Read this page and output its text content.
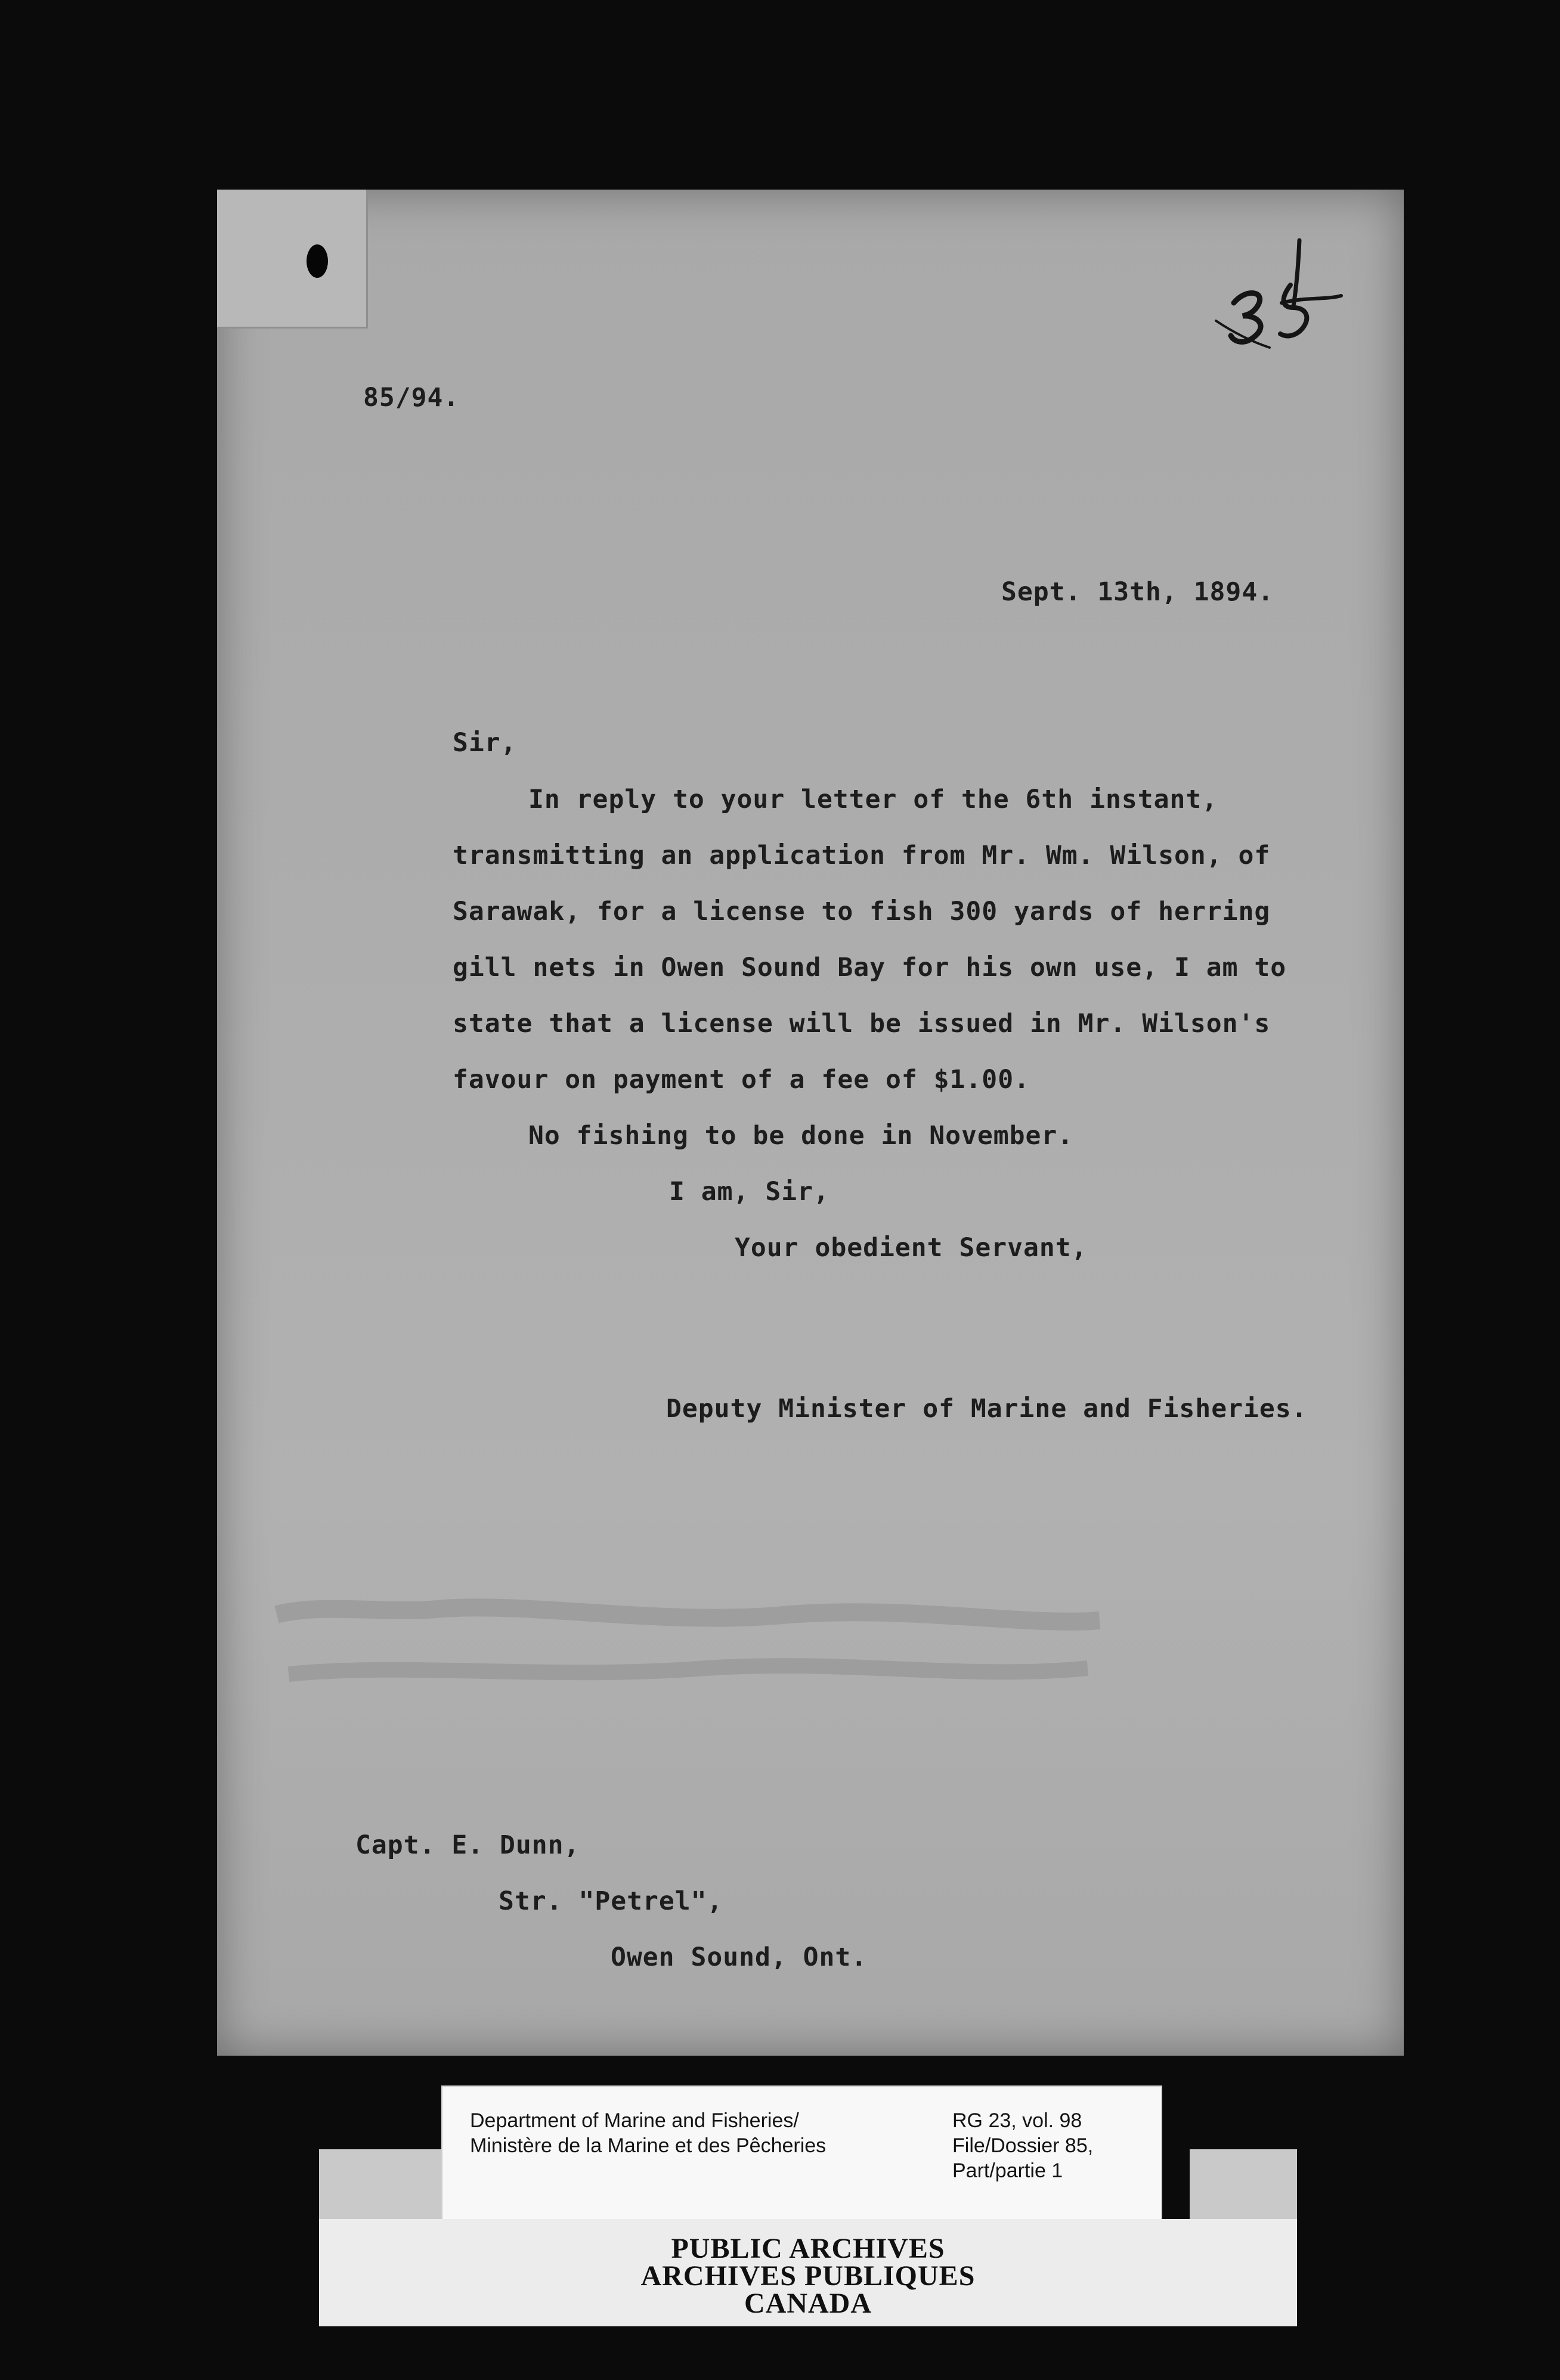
85/94.
Sept. 13th, 1894.
Sir,
In reply to your letter of the 6th instant,
transmitting an application from Mr. Wm. Wilson, of
Sarawak, for a license to fish 300 yards of herring
gill nets in Owen Sound Bay for his own use, I am to
state that a license will be issued in Mr. Wilson's
favour on payment of a fee of $1.00.
No fishing to be done in November.
I am, Sir,
Your obedient Servant,
Deputy Minister of Marine and Fisheries.
Capt. E. Dunn,
Str. "Petrel",
Owen Sound, Ont.
Department of Marine and Fisheries/
Ministère de la Marine et des Pêcheries
RG 23, vol. 98
File/Dossier 85,
Part/partie 1
PUBLIC ARCHIVES
ARCHIVES PUBLIQUES
CANADA
